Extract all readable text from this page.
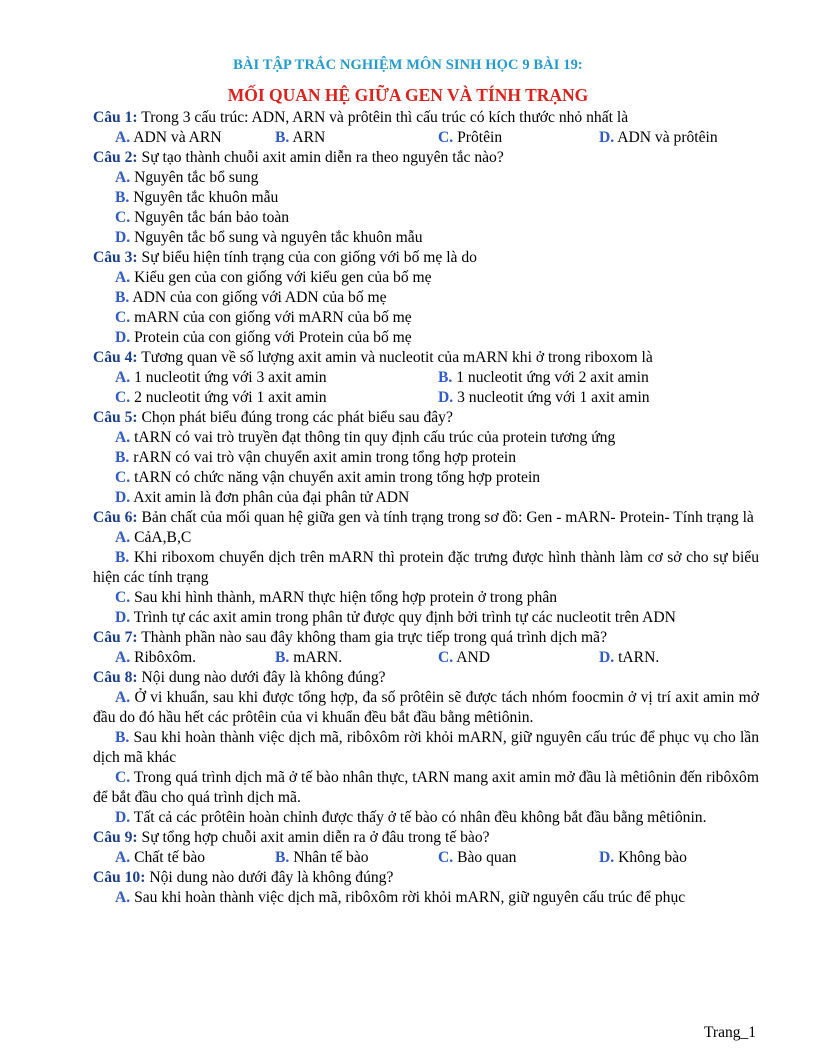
BÀI TẬP TRẮC NGHIỆM MÔN SINH HỌC 9 BÀI 19:
MỐI QUAN HỆ GIỮA GEN VÀ TÍNH TRẠNG
Câu 1: Trong 3 cấu trúc: ADN, ARN và prôtêin thì cấu trúc có kích thước nhỏ nhất là
A. ADN và ARN	B. ARN	C. Prôtêin	D. ADN và prôtêin
Câu 2: Sự tạo thành chuỗi axit amin diễn ra theo nguyên tắc nào?
A. Nguyên tắc bổ sung
B. Nguyên tắc khuôn mẫu
C. Nguyên tắc bán bảo toàn
D. Nguyên tắc bổ sung và nguyên tắc khuôn mẫu
Câu 3: Sự biểu hiện tính trạng của con giống với bố mẹ là do
A. Kiểu gen của con giống với kiểu gen của bố mẹ
B. ADN của con giống với ADN của bố mẹ
C. mARN của con giống với mARN của bố mẹ
D. Protein của con giống với Protein của bố mẹ
Câu 4: Tương quan về số lượng axit amin và nucleotit của mARN khi ở trong riboxom là
A. 1 nucleotit ứng với 3 axit amin	B. 1 nucleotit ứng với 2 axit amin
C. 2 nucleotit ứng với 1 axit amin	D. 3 nucleotit ứng với 1 axit amin
Câu 5: Chọn phát biểu đúng trong các phát biểu sau đây?
A. tARN có vai trò truyền đạt thông tin quy định cấu trúc của protein tương ứng
B. rARN có vai trò vận chuyển axit amin trong tổng hợp protein
C. tARN có chức năng vận chuyển axit amin trong tổng hợp protein
D. Axit amin là đơn phân của đại phân tử ADN
Câu 6: Bản chất của mối quan hệ giữa gen và tính trạng trong sơ đồ: Gen - mARN- Protein- Tính trạng là
A. CảA,B,C
B. Khi riboxom chuyển dịch trên mARN thì protein đặc trưng được hình thành làm cơ sở cho sự biểu hiện các tính trạng
C. Sau khi hình thành, mARN thực hiện tổng hợp protein ở trong phân
D. Trình tự các axit amin trong phân tử được quy định bởi trình tự các nucleotit trên ADN
Câu 7: Thành phần nào sau đây không tham gia trực tiếp trong quá trình dịch mã?
A. Ribôxôm.	B. mARN.	C. AND	D. tARN.
Câu 8: Nội dung nào dưới đây là không đúng?
A. Ở vi khuẩn, sau khi được tổng hợp, đa số prôtêin sẽ được tách nhóm foocmin ở vị trí axit amin mở đầu do đó hầu hết các prôtêin của vi khuẩn đều bắt đầu bằng mêtiônin.
B. Sau khi hoàn thành việc dịch mã, ribôxôm rời khỏi mARN, giữ nguyên cấu trúc để phục vụ cho lần dịch mã khác
C. Trong quá trình dịch mã ở tế bào nhân thực, tARN mang axit amin mở đầu là mêtiônin đến ribôxôm để bắt đầu cho quá trình dịch mã.
D. Tất cả các prôtêin hoàn chỉnh được thấy ở tế bào có nhân đều không bắt đầu bằng mêtiônin.
Câu 9: Sự tổng hợp chuỗi axit amin diễn ra ở đâu trong tế bào?
A. Chất tế bào	B. Nhân tế bào	C. Bào quan	D. Không bào
Câu 10: Nội dung nào dưới đây là không đúng?
A. Sau khi hoàn thành việc dịch mã, ribôxôm rời khỏi mARN, giữ nguyên cấu trúc để phục
Trang_1
